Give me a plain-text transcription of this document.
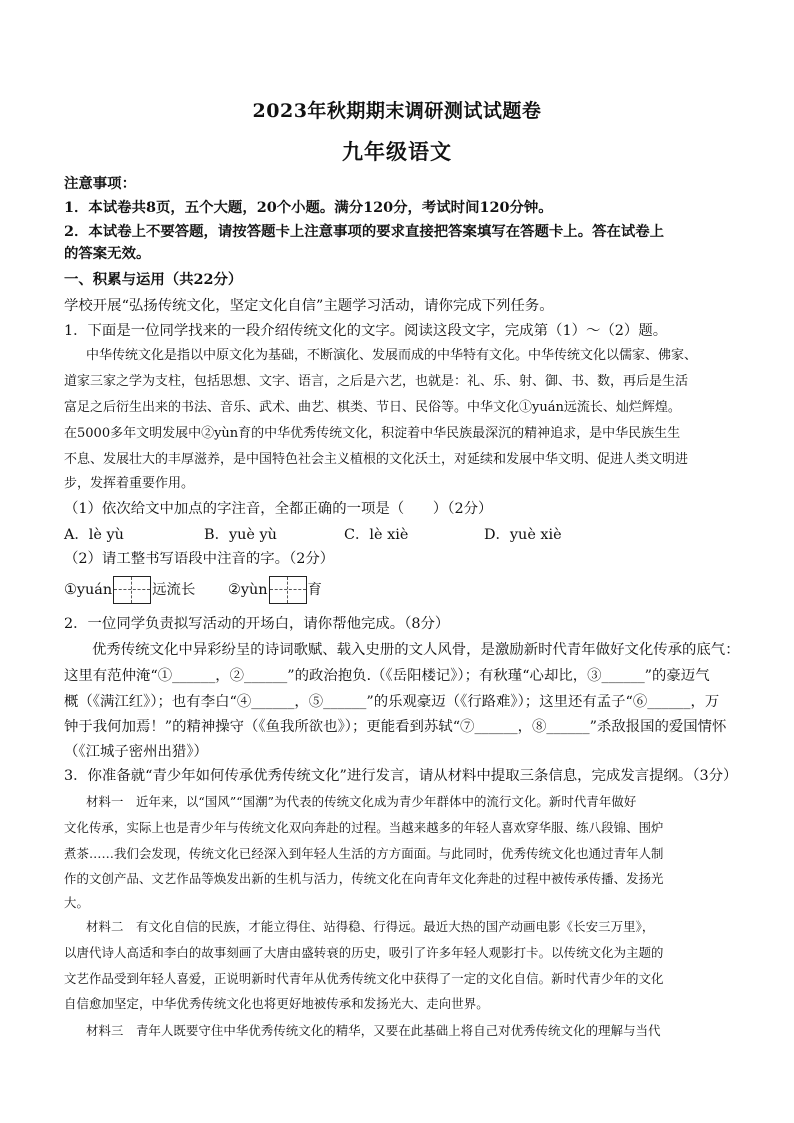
2023年秋期期末调研测试试题卷
九年级语文
注意事项：
1．本试卷共8页，五个大题，20个小题。满分120分，考试时间120分钟。
2．本试卷上不要答题，请按答题卡上注意事项的要求直接把答案填写在答题卡上。答在试卷上
的答案无效。
一、积累与运用（共22分）
学校开展“弘扬传统文化，坚定文化自信”主题学习活动，请你完成下列任务。
1．下面是一位同学找来的一段介绍传统文化的文字。阅读这段文字，完成第（1）～（2）题。
中华传统文化是指以中原文化为基础，不断演化、发展而成的中华特有文化。中华传统文化以儒家、佛家、
道家三家之学为支柱，包括思想、文字、语言，之后是六艺，也就是：礼、乐、射、御、书、数，再后是生活
富足之后衍生出来的书法、音乐、武术、曲艺、棋类、节日、民俗等。中华文化①yuán远流长、灿烂辉煌。
在5000多年文明发展中②yùn育的中华优秀传统文化，积淀着中华民族最深沉的精神追求，是中华民族生生
不息、发展壮大的丰厚滋养，是中国特色社会主义植根的文化沃土，对延续和发展中华文明、促进人类文明进
步，发挥着重要作用。
（1）依次给文中加点的字注音，全都正确的一项是（　　）（2分）
A．lè yù	B．yuè yù	C．lè xiè	D．yuè xiè
（2）请工整书写语段中注音的字。（2分）
①yuán	远流长 ②yùn	育
2．一位同学负责拟写活动的开场白，请你帮他完成。（8分）
优秀传统文化中异彩纷呈的诗词歌赋、载入史册的文人风骨，是激励新时代青年做好文化传承的底气：
这里有范仲淹“①______，②______”的政治抱负.（《岳阳楼记》）；有秋瑾“心却比，③______”的豪迈气
概（《满江红》）；也有李白“④______，⑤______”的乐观豪迈（《行路难》）；这里还有孟子“⑥______，万
钟于我何加焉！”的精神操守（《鱼我所欲也》）；更能看到苏轼“⑦______，⑧______”杀敌报国的爱国情怀
（《江城子密州出猎》）
3．你准备就“青少年如何传承优秀传统文化”进行发言，请从材料中提取三条信息，完成发言提纲。（3分）
材料一　近年来，以“国风”“国潮”为代表的传统文化成为青少年群体中的流行文化。新时代青年做好
文化传承，实际上也是青少年与传统文化双向奔赴的过程。当越来越多的年轻人喜欢穿华服、练八段锦、围炉
煮茶……我们会发现，传统文化已经深入到年轻人生活的方方面面。与此同时，优秀传统文化也通过青年人制
作的文创产品、文艺作品等焕发出新的生机与活力，传统文化在向青年文化奔赴的过程中被传承传播、发扬光
大。
材料二　有文化自信的民族，才能立得住、站得稳、行得远。最近大热的国产动画电影《长安三万里》，
以唐代诗人高适和李白的故事刻画了大唐由盛转衰的历史，吸引了许多年轻人观影打卡。以传统文化为主题的
文艺作品受到年轻人喜爱，正说明新时代青年从优秀传统文化中获得了一定的文化自信。新时代青少年的文化
自信愈加坚定，中华优秀传统文化也将更好地被传承和发扬光大、走向世界。
材料三　青年人既要守住中华优秀传统文化的精华，又要在此基础上将自己对优秀传统文化的理解与当代
